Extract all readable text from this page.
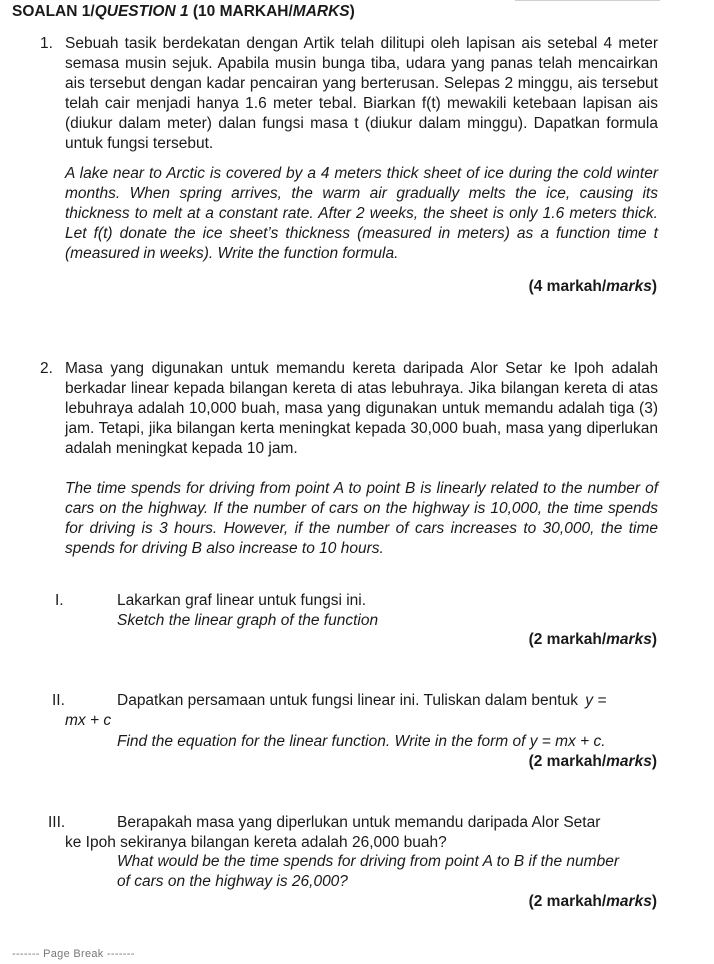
SOALAN 1/QUESTION 1 (10 MARKAH/MARKS)
1. Sebuah tasik berdekatan dengan Artik telah dilitupi oleh lapisan ais setebal 4 meter semasa musin sejuk. Apabila musin bunga tiba, udara yang panas telah mencairkan ais tersebut dengan kadar pencairan yang berterusan. Selepas 2 minggu, ais tersebut telah cair menjadi hanya 1.6 meter tebal. Biarkan f(t) mewakili ketebaan lapisan ais (diukur dalam meter) dalan fungsi masa t (diukur dalam minggu). Dapatkan formula untuk fungsi tersebut.
A lake near to Arctic is covered by a 4 meters thick sheet of ice during the cold winter months. When spring arrives, the warm air gradually melts the ice, causing its thickness to melt at a constant rate. After 2 weeks, the sheet is only 1.6 meters thick. Let f(t) donate the ice sheet’s thickness (measured in meters) as a function time t (measured in weeks). Write the function formula.
(4 markah/marks)
2. Masa yang digunakan untuk memandu kereta daripada Alor Setar ke Ipoh adalah berkadar linear kepada bilangan kereta di atas lebuhraya. Jika bilangan kereta di atas lebuhraya adalah 10,000 buah, masa yang digunakan untuk memandu adalah tiga (3) jam. Tetapi, jika bilangan kerta meningkat kepada 30,000 buah, masa yang diperlukan adalah meningkat kepada 10 jam.
The time spends for driving from point A to point B is linearly related to the number of cars on the highway. If the number of cars on the highway is 10,000, the time spends for driving is 3 hours. However, if the number of cars increases to 30,000, the time spends for driving B also increase to 10 hours.
I.	Lakarkan graf linear untuk fungsi ini.
Sketch the linear graph of the function
(2 markah/marks)
II.	Dapatkan persamaan untuk fungsi linear ini. Tuliskan dalam bentuk y =
mx + c
Find the equation for the linear function. Write in the form of y = mx + c.
(2 markah/marks)
III.	Berapakah masa yang diperlukan untuk memandu daripada Alor Setar
ke Ipoh sekiranya bilangan kereta adalah 26,000 buah?
What would be the time spends for driving from point A to B if the number of cars on the highway is 26,000?
(2 markah/marks)
------- Page Break -------
